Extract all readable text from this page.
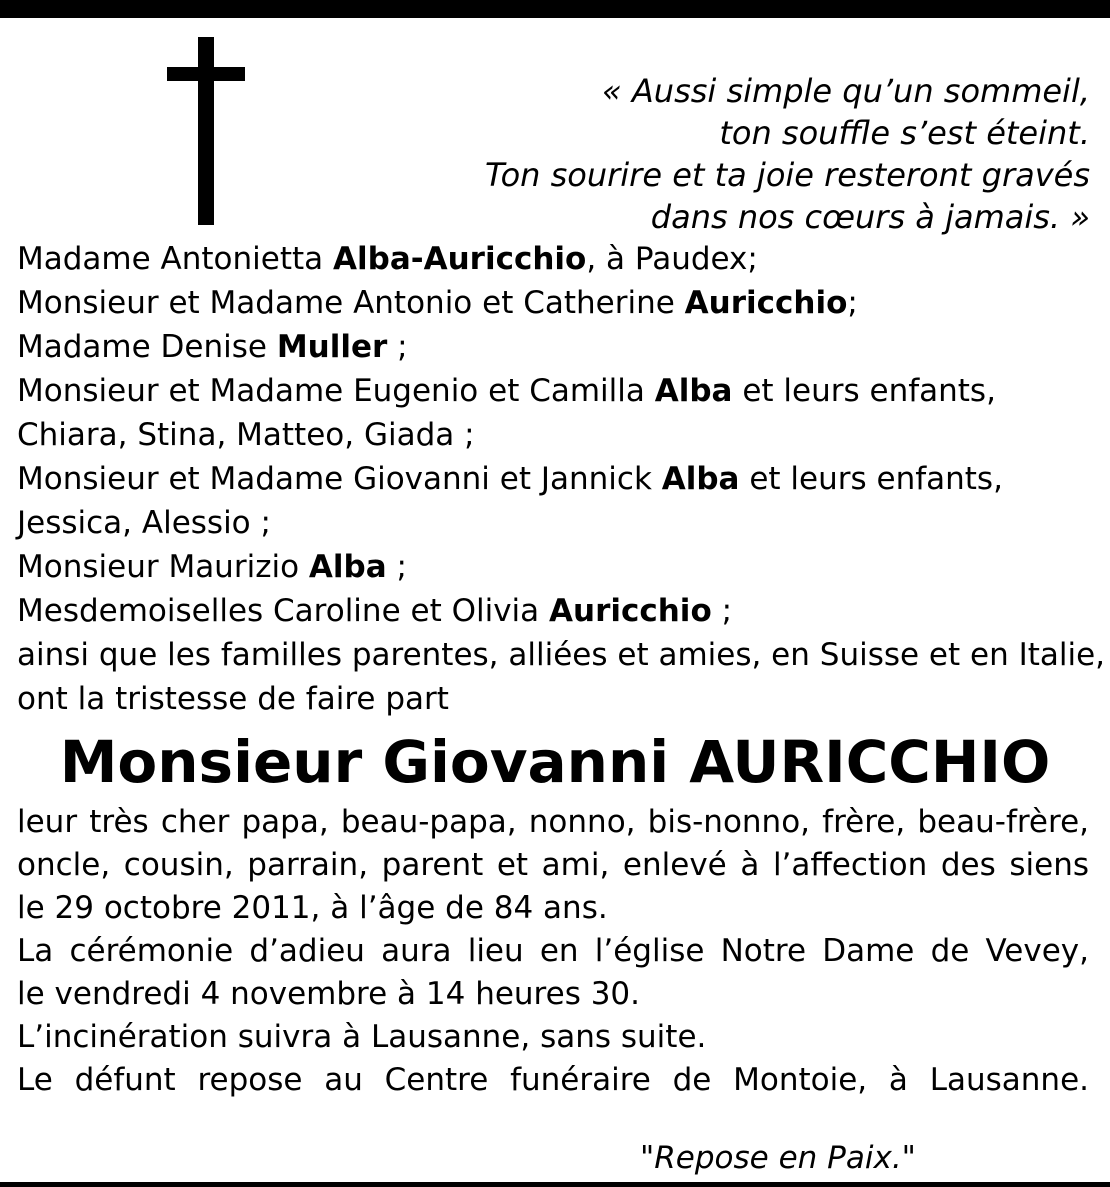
« Aussi simple qu’un sommeil,
ton souffle s’est éteint.
Ton sourire et ta joie resteront gravés
dans nos cœurs à jamais. »
Madame Antonietta Alba-Auricchio, à Paudex;
Monsieur et Madame Antonio et Catherine Auricchio;
Madame Denise Muller ;
Monsieur et Madame Eugenio et Camilla Alba et leurs enfants,
Chiara, Stina, Matteo, Giada ;
Monsieur et Madame Giovanni et Jannick Alba et leurs enfants,
Jessica, Alessio ;
Monsieur Maurizio Alba ;
Mesdemoiselles Caroline et Olivia Auricchio ;
ainsi que les familles parentes, alliées et amies, en Suisse et en Italie,
ont la tristesse de faire part
Monsieur Giovanni AURICCHIO
leur très cher papa, beau-papa, nonno, bis-nonno, frère, beau-frère,
oncle, cousin, parrain, parent et ami, enlevé à l’affection des siens
le 29 octobre 2011, à l’âge de 84 ans.
La cérémonie d’adieu aura lieu en l’église Notre Dame de Vevey,
le vendredi 4 novembre à 14 heures 30.
L’incinération suivra à Lausanne, sans suite.
Le défunt repose au Centre funéraire de Montoie, à Lausanne.
"Repose en Paix."
